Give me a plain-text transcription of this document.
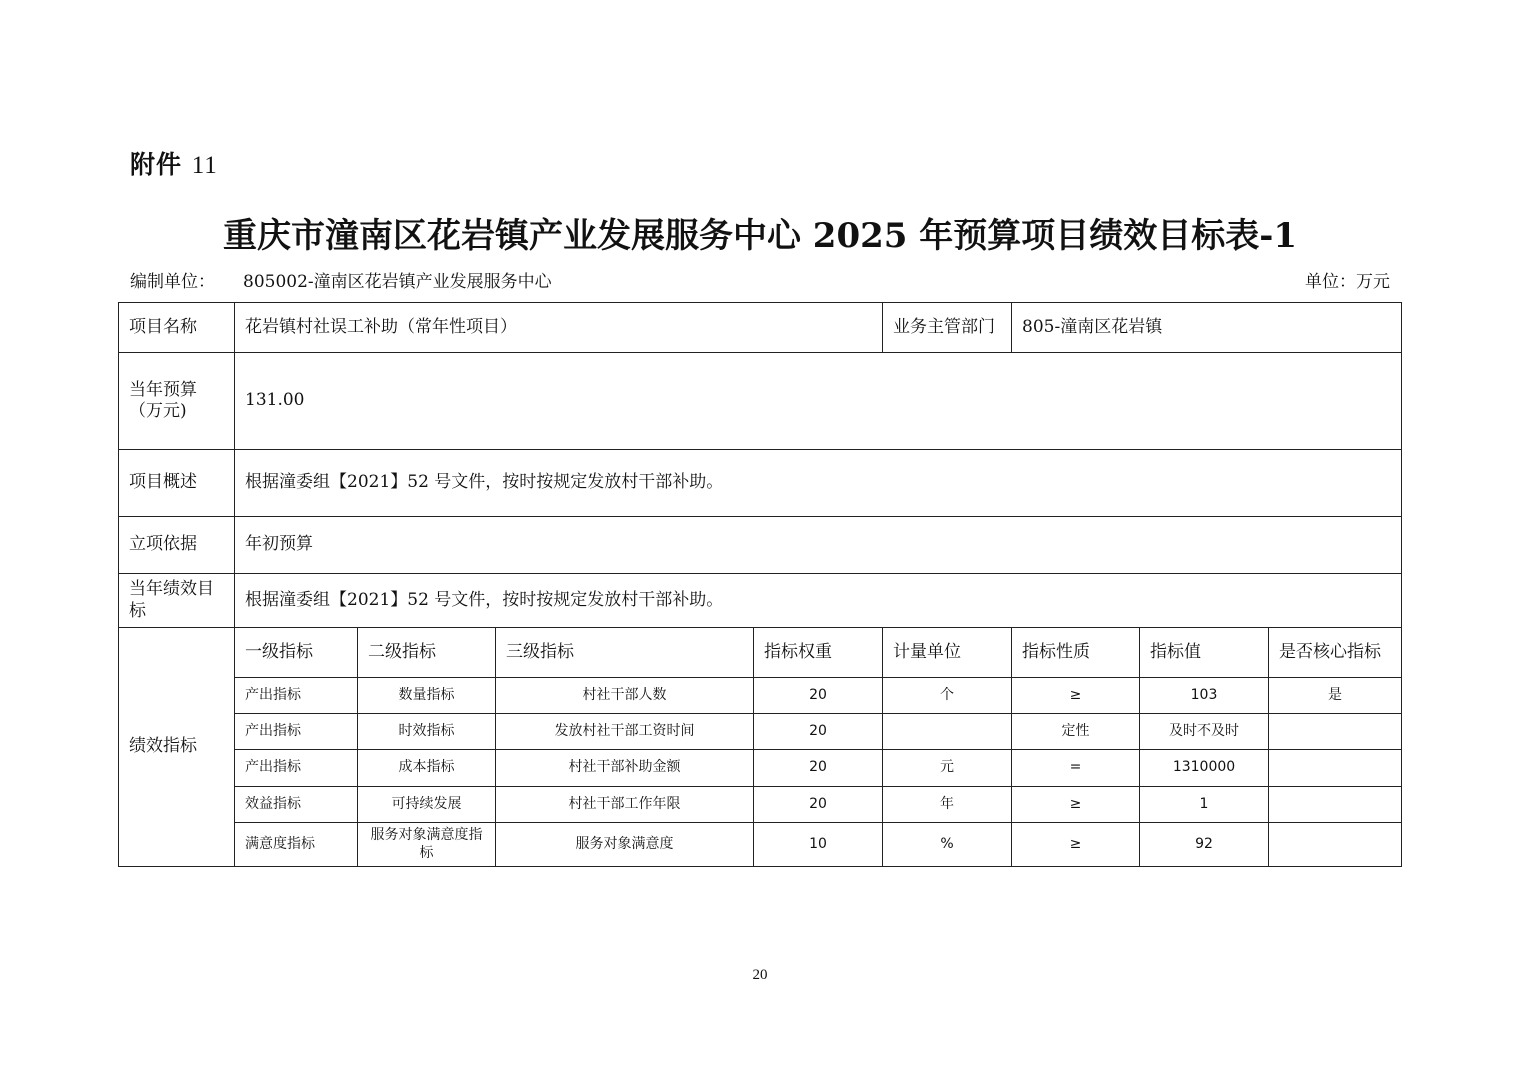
附件 11
重庆市潼南区花岩镇产业发展服务中心 2025 年预算项目绩效目标表-1
编制单位： 805002-潼南区花岩镇产业发展服务中心	单位：万元
项目名称	花岩镇村社误工补助（常年性项目）				业务主管部门	805-潼南区花岩镇		
当年预算（万元)	131.00							
项目概述	根据潼委组【2021】52 号文件，按时按规定发放村干部补助。							
立项依据	年初预算							
当年绩效目标	根据潼委组【2021】52 号文件，按时按规定发放村干部补助。							
绩效指标	一级指标	二级指标	三级指标	指标权重	计量单位	指标性质	指标值	是否核心指标
	产出指标	数量指标	村社干部人数	20	个	≥	103	是
	产出指标	时效指标	发放村社干部工资时间	20		定性	及时不及时	
	产出指标	成本指标	村社干部补助金额	20	元	=	1310000	
	效益指标	可持续发展	村社干部工作年限	20	年	≥	1	
	满意度指标	服务对象满意度指标	服务对象满意度	10	%	≥	92	
20
